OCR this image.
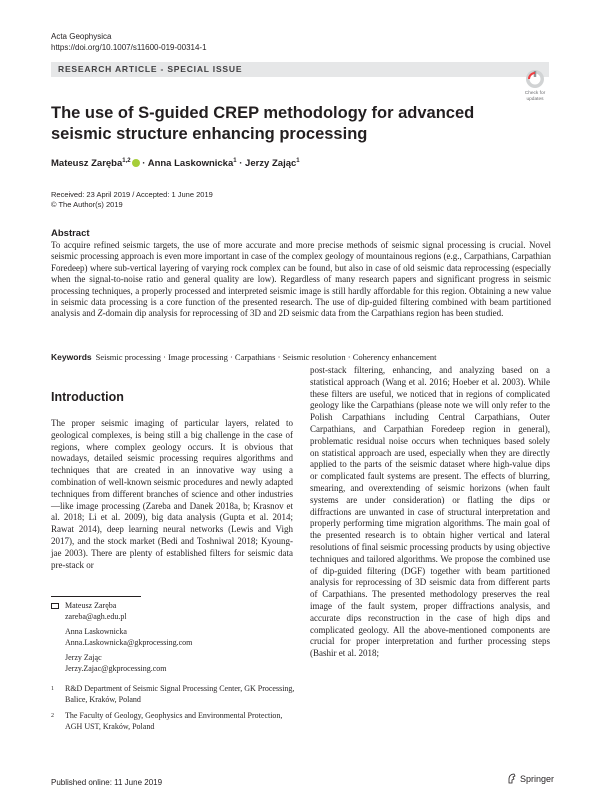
Acta Geophysica
https://doi.org/10.1007/s11600-019-00314-1
RESEARCH ARTICLE - SPECIAL ISSUE
Check for
updates
The use of S-guided CREP methodology for advanced seismic structure enhancing processing
Mateusz Zaręba$^{1,2}$ · Anna Laskownicka$^1$ · Jerzy Zając$^1$
Received: 23 April 2019 / Accepted: 1 June 2019
© The Author(s) 2019
Abstract
To acquire refined seismic targets, the use of more accurate and more precise methods of seismic signal processing is crucial. Novel seismic processing approach is even more important in case of the complex geology of mountainous regions (e.g., Carpathians, Carpathian Foredeep) where sub-vertical layering of varying rock complex can be found, but also in case of old seismic data reprocessing (especially when the signal-to-noise ratio and general quality are low). Regardless of many research papers and significant progress in seismic processing techniques, a properly processed and interpreted seismic image is still hardly affordable for this region. Obtaining a new value in seismic data processing is a core function of the presented research. The use of dip-guided filtering combined with beam partitioned analysis and Z-domain dip analysis for reprocessing of 3D and 2D seismic data from the Carpathians region has been studied.
Keywords Seismic processing · Image processing · Carpathians · Seismic resolution · Coherency enhancement
Introduction
The proper seismic imaging of particular layers, related to geological complexes, is being still a big challenge in the case of regions, where complex geology occurs. It is obvious that nowadays, detailed seismic processing requires algorithms and techniques that are created in an innovative way using a combination of well-known seismic procedures and newly adapted techniques from different branches of science and other industries—like image processing (Zareba and Danek 2018a, b; Krasnov et al. 2018; Li et al. 2009), big data analysis (Gupta et al. 2014; Rawat 2014), deep learning neural networks (Lewis and Vigh 2017), and the stock market (Bedi and Toshniwal 2018; Kyoung-jae 2003). There are plenty of established filters for seismic data pre-stack or
post-stack filtering, enhancing, and analyzing based on a statistical approach (Wang et al. 2016; Hoeber et al. 2003). While these filters are useful, we noticed that in regions of complicated geology like the Carpathians (please note we will only refer to the Polish Carpathians including Central Carpathians, Outer Carpathians, and Carpathian Foredeep region in general), problematic residual noise occurs when techniques based solely on statistical approach are used, especially when they are directly applied to the parts of the seismic dataset where high-value dips or complicated fault systems are present. The effects of blurring, smearing, and overextending of seismic horizons (when fault systems are under consideration) or flatling the dips or diffractions are unwanted in case of structural interpretation and properly performing time migration algorithms. The main goal of the presented research is to obtain higher vertical and lateral resolutions of final seismic processing products by using objective techniques and tailored algorithms. We propose the combined use of dip-guided filtering (DGF) together with beam partitioned analysis for reprocessing of 3D seismic data from different parts of Carpathians. The presented methodology preserves the real image of the fault system, proper diffractions analysis, and accurate dips reconstruction in the case of high dips and complicated geology. All the above-mentioned components are crucial for proper interpretation and further processing steps (Bashir et al. 2018;
Mateusz Zaręba
zareba@agh.edu.pl
Anna Laskownicka
Anna.Laskownicka@gkprocessing.com
Jerzy Zając
Jerzy.Zajac@gkprocessing.com
1 R&D Department of Seismic Signal Processing Center, GK Processing, Balice, Kraków, Poland
2 The Faculty of Geology, Geophysics and Environmental Protection, AGH UST, Kraków, Poland
Published online: 11 June 2019	Springer
